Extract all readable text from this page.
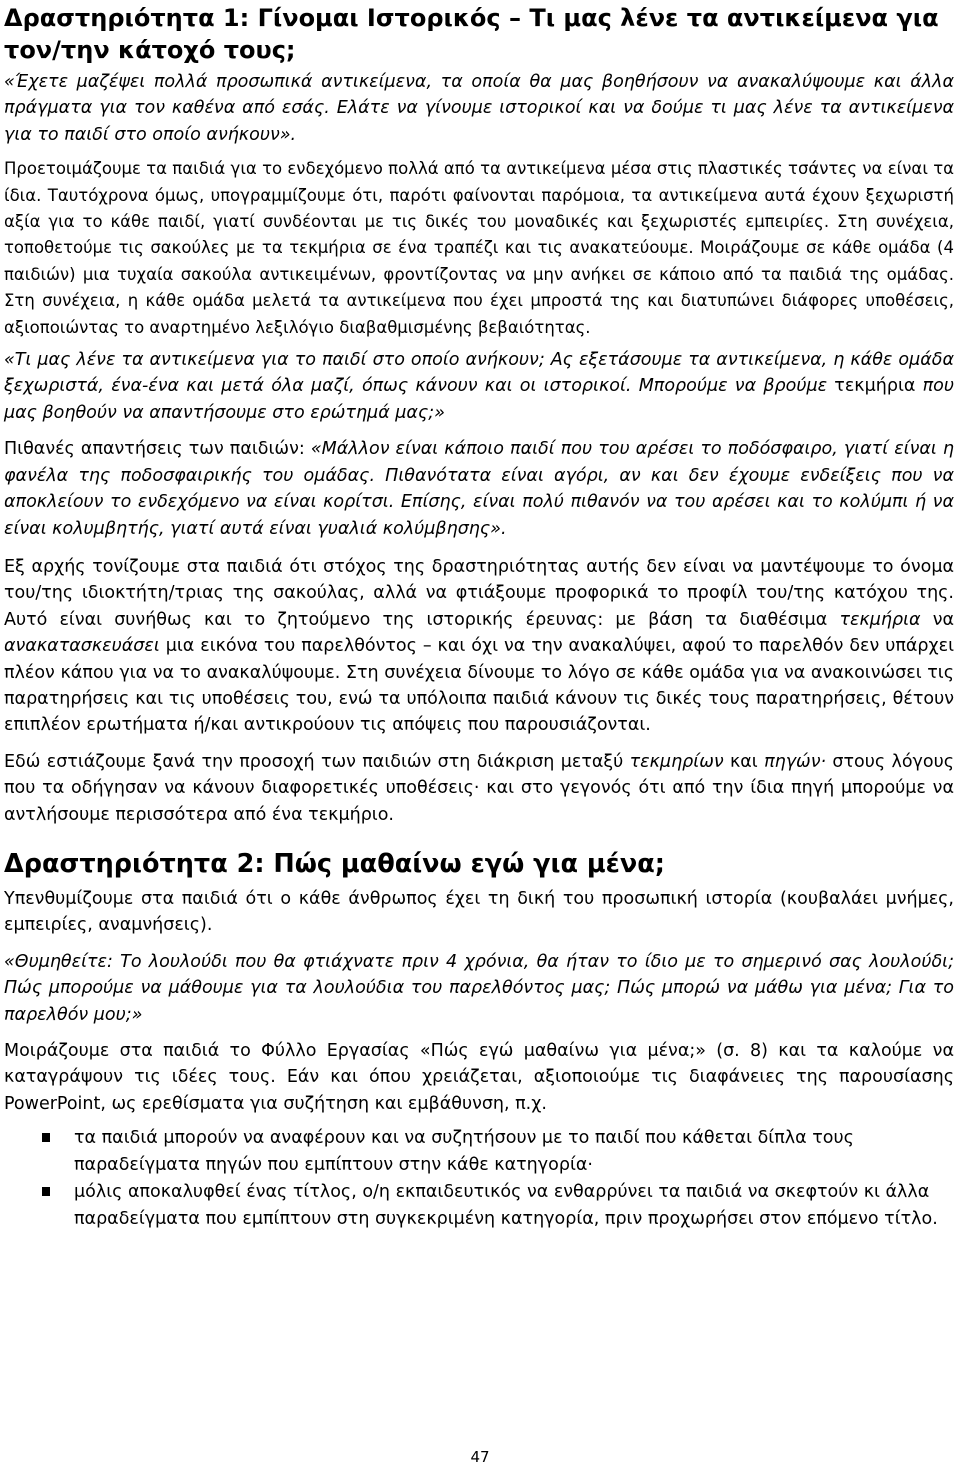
Δραστηριότητα 1: Γίνομαι Ιστορικός – Τι μας λένε τα αντικείμενα για τον/την κάτοχό τους;

«Έχετε μαζέψει πολλά προσωπικά αντικείμενα, τα οποία θα μας βοηθήσουν να ανακαλύψουμε και άλλα πράγματα για τον καθένα από εσάς. Ελάτε να γίνουμε ιστορικοί και να δούμε τι μας λένε τα αντικείμενα για το παιδί στο οποίο ανήκουν».

Προετοιμάζουμε τα παιδιά για το ενδεχόμενο πολλά από τα αντικείμενα μέσα στις πλαστικές τσάντες να είναι τα ίδια. Ταυτόχρονα όμως, υπογραμμίζουμε ότι, παρότι φαίνονται παρόμοια, τα αντικείμενα αυτά έχουν ξεχωριστή αξία για το κάθε παιδί, γιατί συνδέονται με τις δικές του μοναδικές και ξεχωριστές εμπειρίες. Στη συνέχεια, τοποθετούμε τις σακούλες με τα τεκμήρια σε ένα τραπέζι και τις ανακατεύουμε. Μοιράζουμε σε κάθε ομάδα (4 παιδιών) μια τυχαία σακούλα αντικειμένων, φροντίζοντας να μην ανήκει σε κάποιο από τα παιδιά της ομάδας. Στη συνέχεια, η κάθε ομάδα μελετά τα αντικείμενα που έχει μπροστά της και διατυπώνει διάφορες υποθέσεις, αξιοποιώντας το αναρτημένο λεξιλόγιο διαβαθμισμένης βεβαιότητας.

«Τι μας λένε τα αντικείμενα για το παιδί στο οποίο ανήκουν; Ας εξετάσουμε τα αντικείμενα, η κάθε ομάδα ξεχωριστά, ένα-ένα και μετά όλα μαζί, όπως κάνουν και οι ιστορικοί. Μπορούμε να βρούμε τεκμήρια που μας βοηθούν να απαντήσουμε στο ερώτημά μας;»

Πιθανές απαντήσεις των παιδιών: «Μάλλον είναι κάποιο παιδί που του αρέσει το ποδόσφαιρο, γιατί είναι η φανέλα της ποδοσφαιρικής του ομάδας. Πιθανότατα είναι αγόρι, αν και δεν έχουμε ενδείξεις που να αποκλείουν το ενδεχόμενο να είναι κορίτσι. Επίσης, είναι πολύ πιθανόν να του αρέσει και το κολύμπι ή να είναι κολυμβητής, γιατί αυτά είναι γυαλιά κολύμβησης».

Εξ αρχής τονίζουμε στα παιδιά ότι στόχος της δραστηριότητας αυτής δεν είναι να μαντέψουμε το όνομα του/της ιδιοκτήτη/τριας της σακούλας, αλλά να φτιάξουμε προφορικά το προφίλ του/της κατόχου της. Αυτό είναι συνήθως και το ζητούμενο της ιστορικής έρευνας: με βάση τα διαθέσιμα τεκμήρια να ανακατασκευάσει μια εικόνα του παρελθόντος – και όχι να την ανακαλύψει, αφού το παρελθόν δεν υπάρχει πλέον κάπου για να το ανακαλύψουμε. Στη συνέχεια δίνουμε το λόγο σε κάθε ομάδα για να ανακοινώσει τις παρατηρήσεις και τις υποθέσεις του, ενώ τα υπόλοιπα παιδιά κάνουν τις δικές τους παρατηρήσεις, θέτουν επιπλέον ερωτήματα ή/και αντικρούουν τις απόψεις που παρουσιάζονται.

Εδώ εστιάζουμε ξανά την προσοχή των παιδιών στη διάκριση μεταξύ τεκμηρίων και πηγών· στους λόγους που τα οδήγησαν να κάνουν διαφορετικές υποθέσεις· και στο γεγονός ότι από την ίδια πηγή μπορούμε να αντλήσουμε περισσότερα από ένα τεκμήριο.

Δραστηριότητα 2: Πώς μαθαίνω εγώ για μένα;

Υπενθυμίζουμε στα παιδιά ότι ο κάθε άνθρωπος έχει τη δική του προσωπική ιστορία (κουβαλάει μνήμες, εμπειρίες, αναμνήσεις).

«Θυμηθείτε: Το λουλούδι που θα φτιάχνατε πριν 4 χρόνια, θα ήταν το ίδιο με το σημερινό σας λουλούδι; Πώς μπορούμε να μάθουμε για τα λουλούδια του παρελθόντος μας; Πώς μπορώ να μάθω για μένα; Για το παρελθόν μου;»

Μοιράζουμε στα παιδιά το Φύλλο Εργασίας «Πώς εγώ μαθαίνω για μένα;» (σ. 8) και τα καλούμε να καταγράψουν τις ιδέες τους. Εάν και όπου χρειάζεται, αξιοποιούμε τις διαφάνειες της παρουσίασης PowerPoint, ως ερεθίσματα για συζήτηση και εμβάθυνση, π.χ.

τα παιδιά μπορούν να αναφέρουν και να συζητήσουν με το παιδί που κάθεται δίπλα τους παραδείγματα πηγών που εμπίπτουν στην κάθε κατηγορία·
μόλις αποκαλυφθεί ένας τίτλος, ο/η εκπαιδευτικός να ενθαρρύνει τα παιδιά να σκεφτούν κι άλλα παραδείγματα που εμπίπτουν στη συγκεκριμένη κατηγορία, πριν προχωρήσει στον επόμενο τίτλο.
47
